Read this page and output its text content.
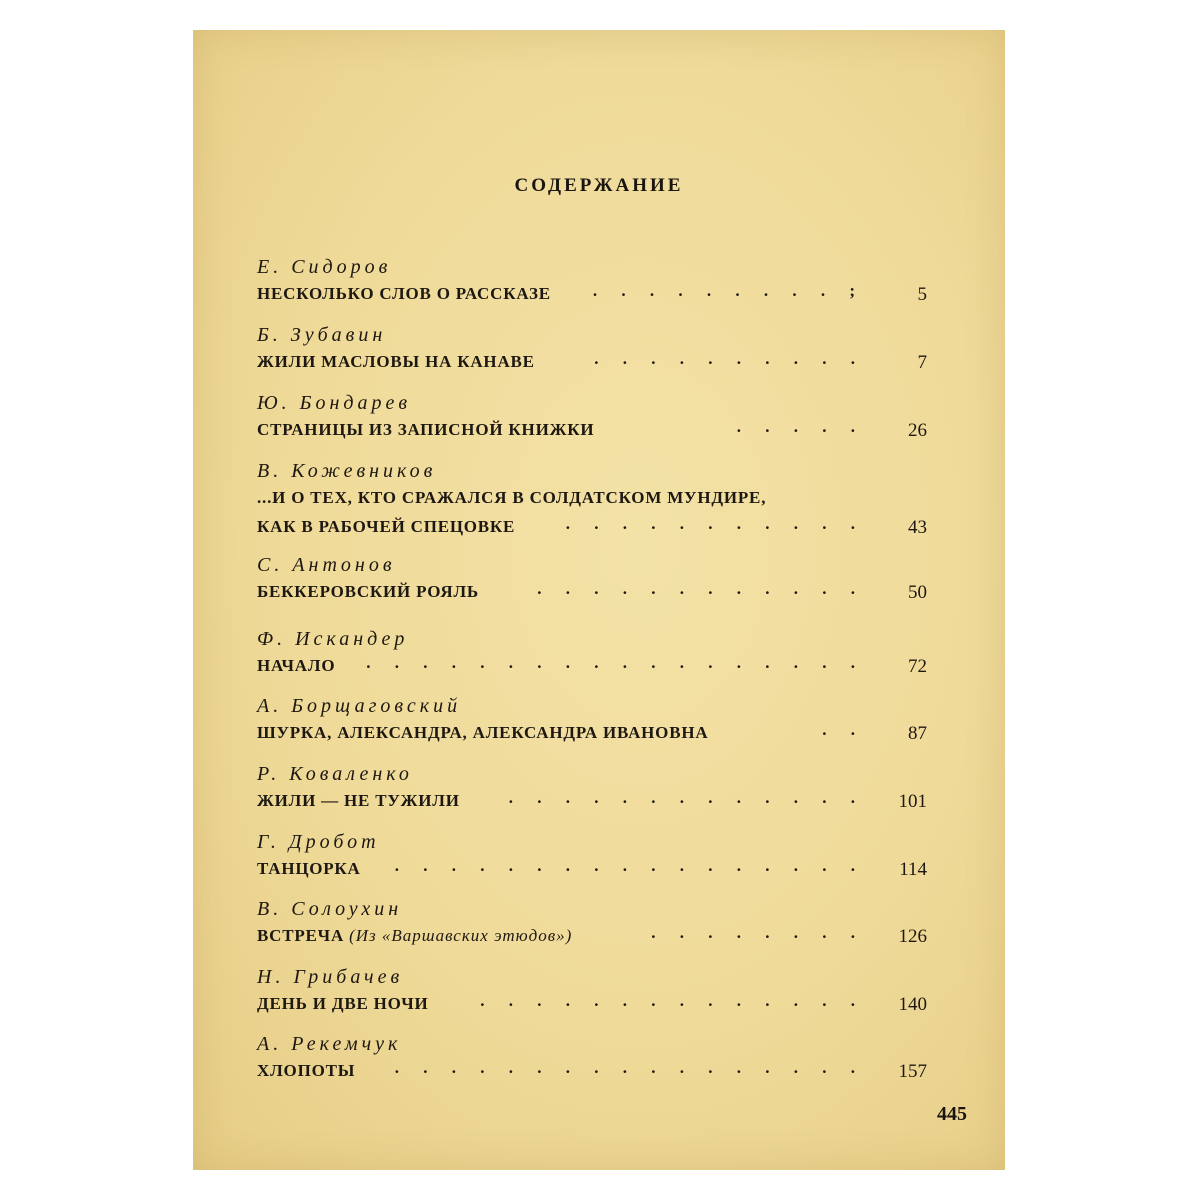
СОДЕРЖАНИЕ
Е. Сидоров
НЕСКОЛЬКО СЛОВ О РАССКАЗЕ . . . . . . . . . ;	5
Б. Зубавин
ЖИЛИ МАСЛОВЫ НА КАНАВЕ	. . . . . . . . . .	7
Ю. Бондарев
СТРАНИЦЫ ИЗ ЗАПИСНОЙ КНИЖКИ	. . . . . 26
В. Кожевников
...И О ТЕХ, КТО СРАЖАЛСЯ В СОЛДАТСКОМ МУНДИРЕ,
КАК В РАБОЧЕЙ СПЕЦОВКЕ	. . . . . . . . . . . 43
С. Антонов
БЕККЕРОВСКИЙ РОЯЛЬ	. . . . . . . . . . . . 50
Ф. Искандер
НАЧАЛО . . . . . . . . . . . . . . . . . . 72
А. Борщаговский
ШУРКА, АЛЕКСАНДРА, АЛЕКСАНДРА ИВАНОВНА	. . 87
Р. Коваленко
ЖИЛИ — НЕ ТУЖИЛИ	. . . . . . . . . . . . . 101
Г. Дробот
ТАНЦОРКА . . . . . . . . . . . . . . . . . 114
В. Солоухин
ВСТРЕЧА (Из «Варшавских этюдов»)	. . . . . . . . 126
Н. Грибачев
ДЕНЬ И ДВЕ НОЧИ	. . . . . . . . . . . . . . 140
А. Рекемчук
ХЛОПОТЫ . . . . . . . . . . . . . . . . . 157
445
